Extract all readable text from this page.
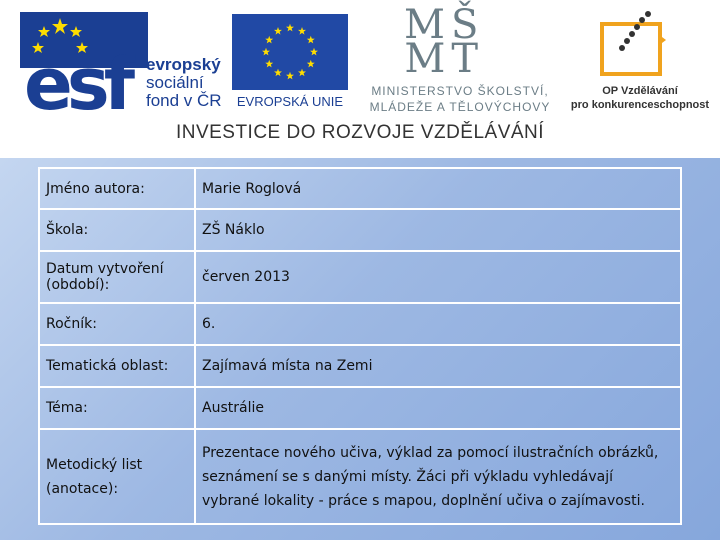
esf evropský
sociální
fond v ČR	EVROPSKÁ UNIE
MŠ
MT
MINISTERSTVO ŠKOLSTVÍ,
MLÁDEŽE A TĚLOVÝCHOVY
OP Vzdělávání
pro konkurenceschopnost
INVESTICE DO ROZVOJE VZDĚLÁVÁNÍ
Jméno autora:	Marie Roglová
Škola:	ZŠ Náklo
Datum vytvoření (období):	červen 2013
Ročník:	6.
Tematická oblast:	Zajímavá místa na Zemi
Téma:	Austrálie
Metodický list (anotace):	Prezentace nového učiva, výklad za pomocí ilustračních obrázků, seznámení se s danými místy. Žáci při výkladu vyhledávají vybrané lokality - práce s mapou, doplnění učiva o zajímavosti.
